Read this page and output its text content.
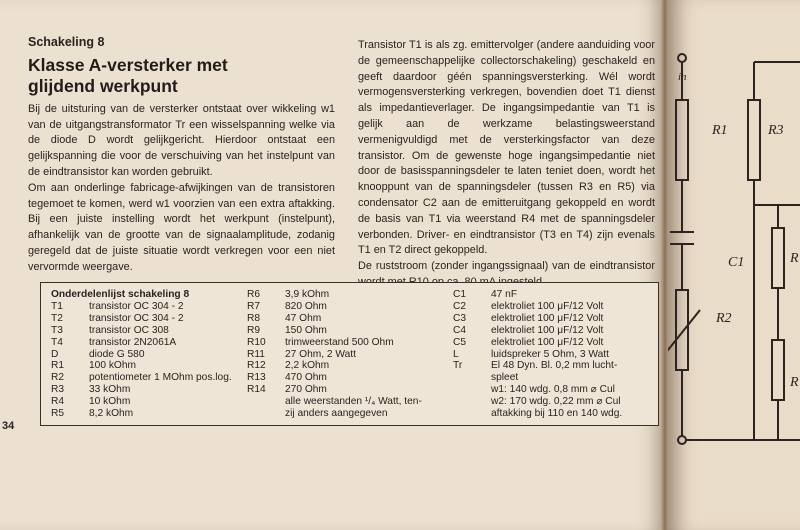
Schakeling 8
Klasse A-versterker met
glijdend werkpunt

Bij de uitsturing van de versterker ontstaat over wikkeling w1 van de uitgangstransformator Tr een wisselspanning welke via de diode D wordt gelijkgericht. Hierdoor ontstaat een gelijkspanning die voor de verschuiving van het instelpunt van de eindtransistor kan worden gebruikt.

Om aan onderlinge fabricage-afwijkingen van de transistoren tegemoet te komen, werd w1 voorzien van een extra aftakking. Bij een juiste instelling wordt het werkpunt (instelpunt), afhankelijk van de grootte van de signaalamplitude, zodanig geregeld dat de juiste situatie wordt verkregen voor een niet vervormde weergave.

Transistor T1 is als zg. emittervolger (andere aanduiding voor de gemeenschappelijke collectorschakeling) geschakeld en geeft daardoor géén spanningsversterking. Wél wordt vermogensversterking verkregen, bovendien doet T1 dienst als impedantieverlager. De ingangsimpedantie van T1 is gelijk aan de werkzame belastingsweerstand vermenigvuldigd met de versterkingsfactor van deze transistor. Om de gewenste hoge ingangsimpedantie niet door de basisspanningsdeler te laten teniet doen, wordt het knooppunt van de spanningsdeler (tussen R3 en R5) via condensator C2 aan de emitteruitgang gekoppeld en wordt de basis van T1 via weerstand R4 met de spanningsdeler verbonden. Driver- en eindtransistor (T3 en T4) zijn evenals T1 en T2 direct gekoppeld.

De ruststroom (zonder ingangssignaal) van de eindtransistor

Onderdelenlijst schakeling 8
T1	transistor OC 304 - 2
T2	transistor OC 304 - 2
T3	transistor OC 308
T4	transistor 2N2061A
D	diode G 580
R1	100 kOhm
R2	potentiometer 1 MOhm pos.log.
R3	33 kOhm
R4	10 kOhm
R5	8,2 kOhm
R6	3,9 kOhm
R7	820 Ohm
R8	47 Ohm
R9	150 Ohm
R10	trimweerstand 500 Ohm
R11	27 Ohm, 2 Watt
R12	2,2 kOhm
R13	470 Ohm
R14	270 Ohm
alle weerstanden ¹/₄ Watt, ten-
zij anders aangegeven
C1	47 nF
C2	elektroliet 100 μF/12 Volt
C3	elektroliet 100 μF/12 Volt
C4	elektroliet 100 μF/12 Volt
C5	elektroliet 100 μF/12 Volt
L	luidspreker 5 Ohm, 3 Watt
Tr	El 48 Dyn. Bl. 0,2 mm lucht-
spleet
w1: 140 wdg. 0,8 mm ⌀ Cul
w2: 170 wdg. 0,22 mm ⌀ Cul
aftakking bij 110 en 140 wdg.
34
in
R1	R3
C1
R2
R
R
